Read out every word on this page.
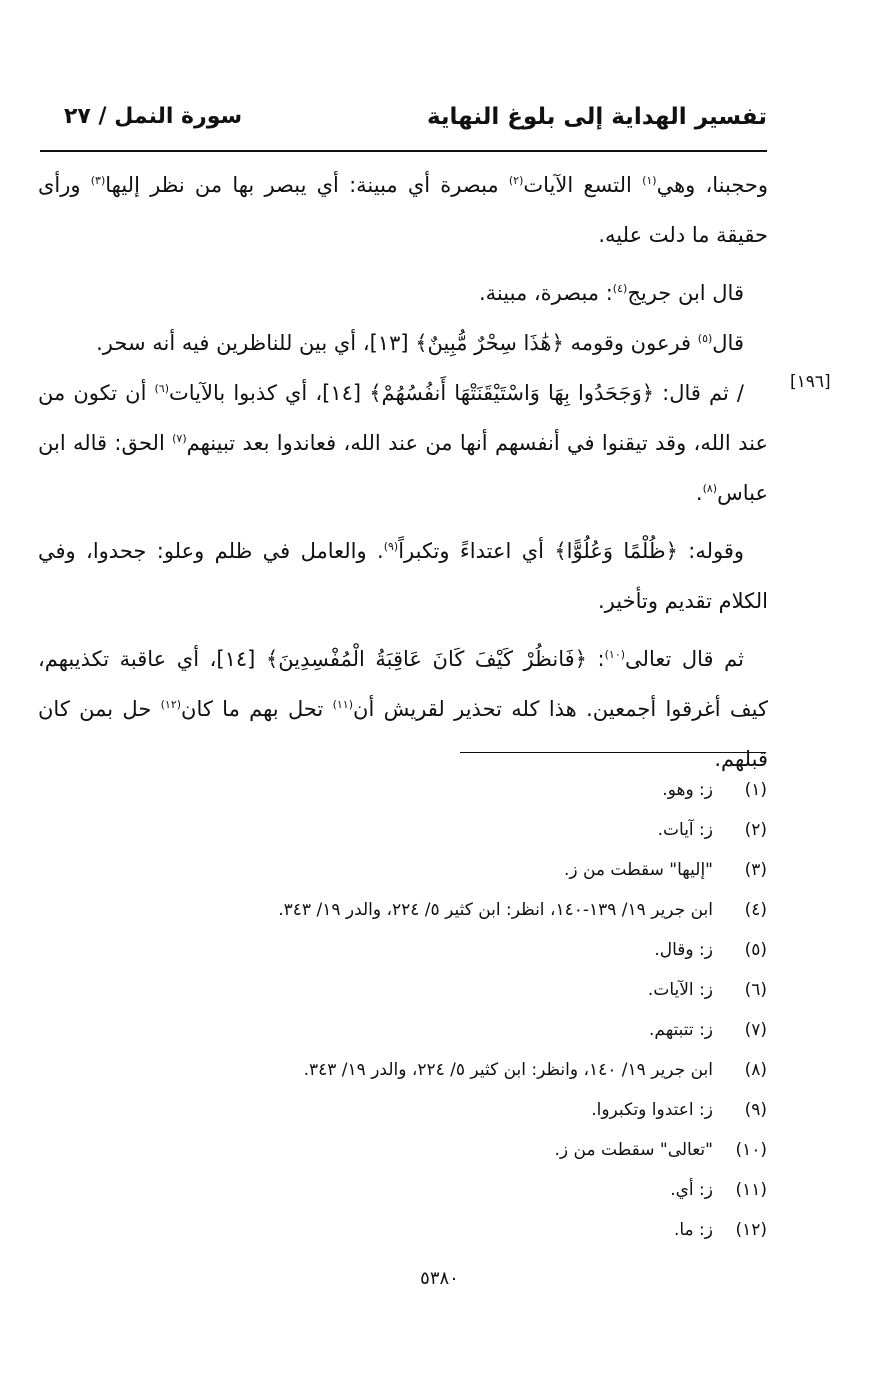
تفسير الهداية إلى بلوغ النهاية
سورة النمل / ٢٧
[١٩٦]

وحجبنا، وهي$^{(١)}$ التسع الآيات$^{(٢)}$ مبصرة أي مبينة: أي يبصر بها من نظر إليها$^{(٣)}$ ورأى حقيقة ما دلت عليه.

قال ابن جريج$^{(٤)}$: مبصرة، مبينة.

قال$^{(٥)}$ فرعون وقومه ﴿هَٰذَا سِحْرٌ مُّبِينٌ﴾ [١٣]، أي بين للناظرين فيه أنه سحر.

/ ثم قال: ﴿وَجَحَدُوا بِهَا وَاسْتَيْقَنَتْهَا أَنفُسُهُمْ﴾ [١٤]، أي كذبوا بالآيات$^{(٦)}$ أن تكون من عند الله، وقد تيقنوا في أنفسهم أنها من عند الله، فعاندوا بعد تبينهم$^{(٧)}$ الحق: قاله ابن عباس$^{(٨)}$.

وقوله: ﴿ظُلْمًا وَعُلُوًّا﴾ أي اعتداءً وتكبراً$^{(٩)}$. والعامل في ظلم وعلو: جحدوا، وفي الكلام تقديم وتأخير.

ثم قال تعالى$^{(١٠)}$: ﴿فَانظُرْ كَيْفَ كَانَ عَاقِبَةُ الْمُفْسِدِينَ﴾ [١٤]، أي عاقبة تكذيبهم، كيف أغرقوا أجمعين. هذا كله تحذير لقريش أن$^{(١١)}$ تحل بهم ما كان$^{(١٢)}$ حل بمن كان قبلهم.

(١)ز: وهو.
(٢)ز: آيات.
(٣)"إليها" سقطت من ز.
(٤)ابن جرير ١٩/ ١٣٩-١٤٠، انظر: ابن كثير ٥/ ٢٢٤، والدر ١٩/ ٣٤٣.
(٥)ز: وقال.
(٦)ز: الآيات.
(٧)ز: تتبتهم.
(٨)ابن جرير ١٩/ ١٤٠، وانظر: ابن كثير ٥/ ٢٢٤، والدر ١٩/ ٣٤٣.
(٩)ز: اعتدوا وتكبروا.
(١٠)"تعالى" سقطت من ز.
(١١)ز: أي.
(١٢)ز: ما.
٥٣٨٠
